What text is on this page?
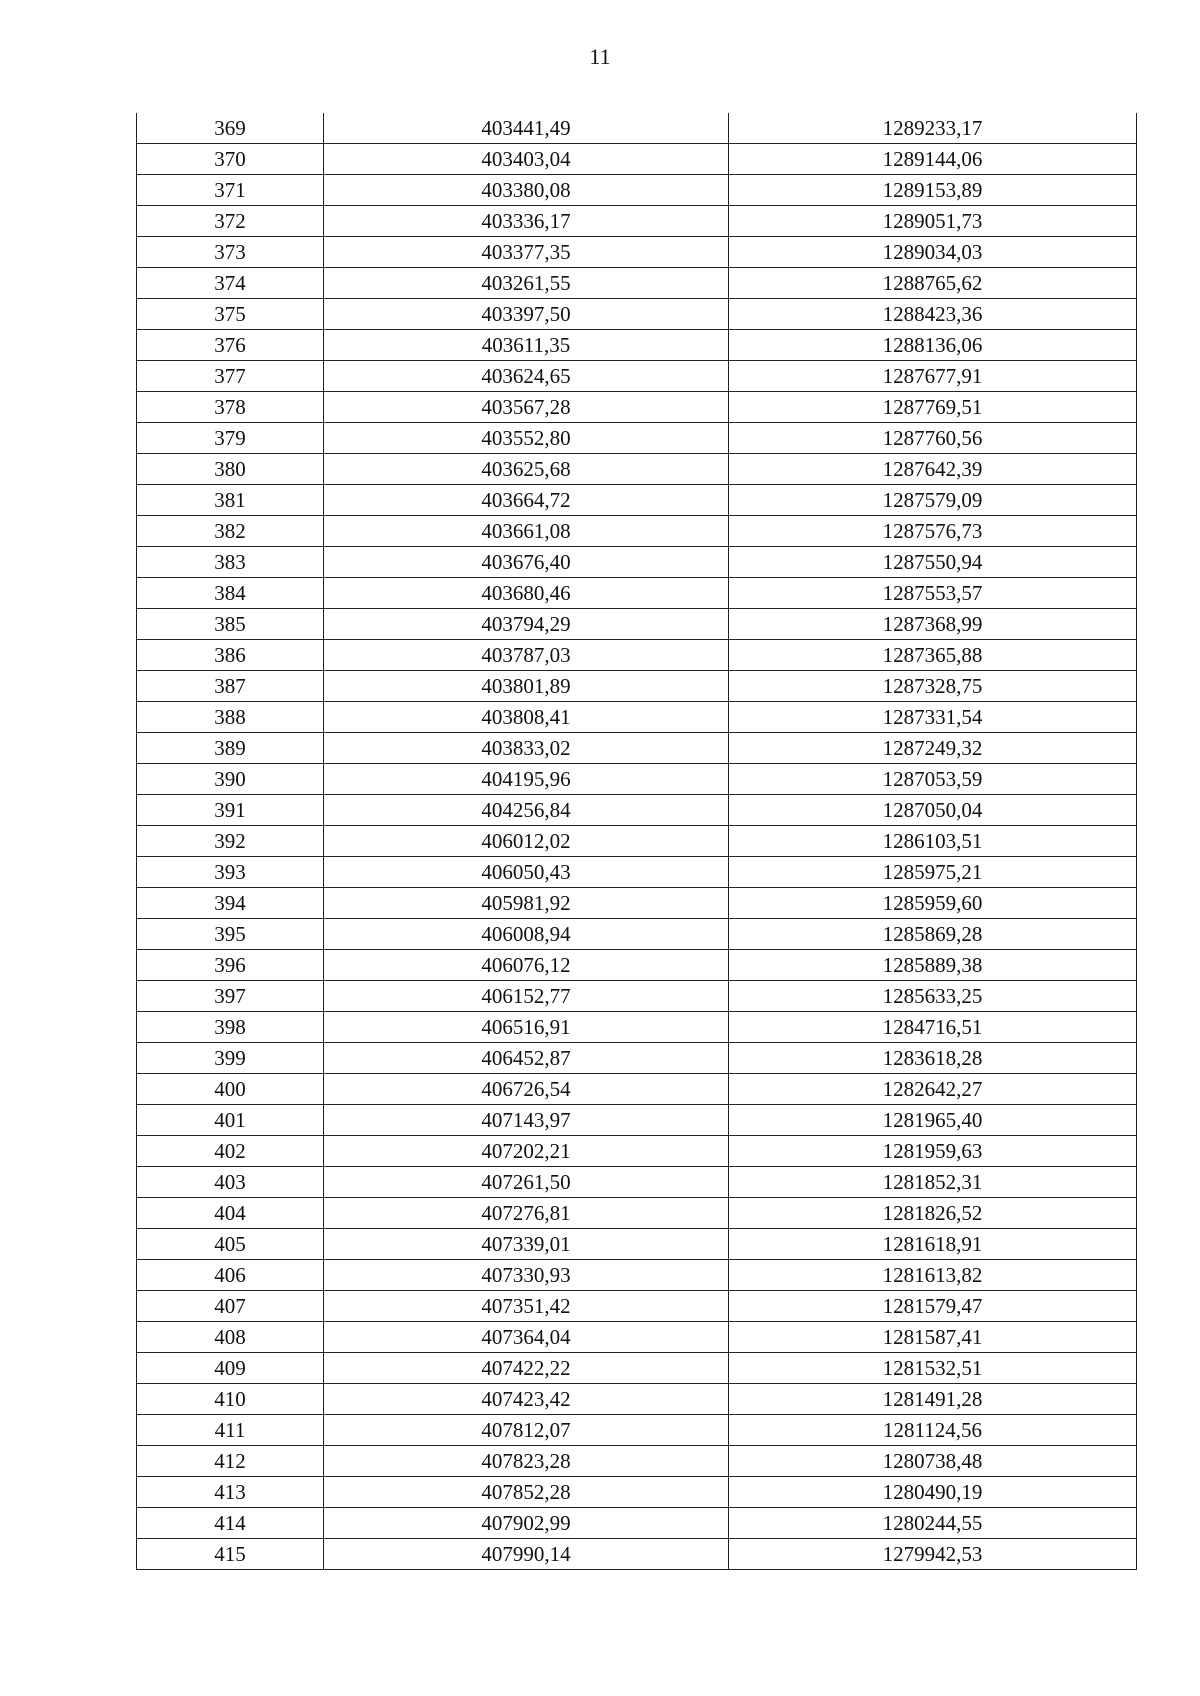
11
369	403441,49	1289233,17
370	403403,04	1289144,06
371	403380,08	1289153,89
372	403336,17	1289051,73
373	403377,35	1289034,03
374	403261,55	1288765,62
375	403397,50	1288423,36
376	403611,35	1288136,06
377	403624,65	1287677,91
378	403567,28	1287769,51
379	403552,80	1287760,56
380	403625,68	1287642,39
381	403664,72	1287579,09
382	403661,08	1287576,73
383	403676,40	1287550,94
384	403680,46	1287553,57
385	403794,29	1287368,99
386	403787,03	1287365,88
387	403801,89	1287328,75
388	403808,41	1287331,54
389	403833,02	1287249,32
390	404195,96	1287053,59
391	404256,84	1287050,04
392	406012,02	1286103,51
393	406050,43	1285975,21
394	405981,92	1285959,60
395	406008,94	1285869,28
396	406076,12	1285889,38
397	406152,77	1285633,25
398	406516,91	1284716,51
399	406452,87	1283618,28
400	406726,54	1282642,27
401	407143,97	1281965,40
402	407202,21	1281959,63
403	407261,50	1281852,31
404	407276,81	1281826,52
405	407339,01	1281618,91
406	407330,93	1281613,82
407	407351,42	1281579,47
408	407364,04	1281587,41
409	407422,22	1281532,51
410	407423,42	1281491,28
411	407812,07	1281124,56
412	407823,28	1280738,48
413	407852,28	1280490,19
414	407902,99	1280244,55
415	407990,14	1279942,53
